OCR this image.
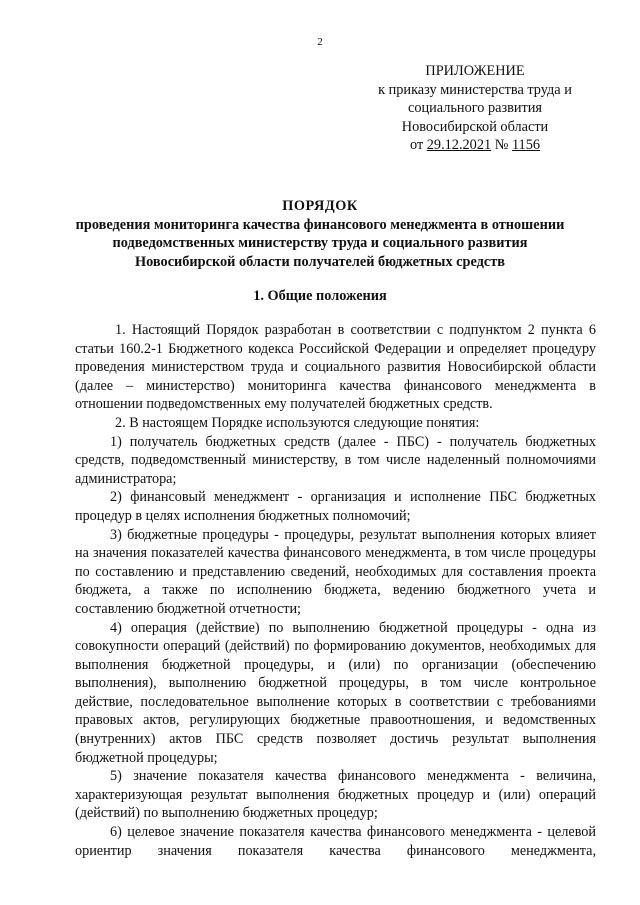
2
ПРИЛОЖЕНИЕ
к приказу министерства труда и
социального развития
Новосибирской области
от 29.12.2021 № 1156
ПОРЯДОК
проведения мониторинга качества финансового менеджмента в отношении
подведомственных министерству труда и социального развития
Новосибирской области получателей бюджетных средств
1. Общие положения

1. Настоящий Порядок разработан в соответствии с подпунктом 2 пункта 6 статьи 160.2-1 Бюджетного кодекса Российской Федерации и определяет процедуру проведения министерством труда и социального развития Новосибирской области (далее – министерство) мониторинга качества финансового менеджмента в отношении подведомственных ему получателей бюджетных средств.

2. В настоящем Порядке используются следующие понятия:

1) получатель бюджетных средств (далее - ПБС) - получатель бюджетных средств, подведомственный министерству, в том числе наделенный полномочиями администратора;

2) финансовый менеджмент - организация и исполнение ПБС бюджетных процедур в целях исполнения бюджетных полномочий;

3) бюджетные процедуры - процедуры, результат выполнения которых влияет на значения показателей качества финансового менеджмента, в том числе процедуры по составлению и представлению сведений, необходимых для составления проекта бюджета, а также по исполнению бюджета, ведению бюджетного учета и составлению бюджетной отчетности;

4) операция (действие) по выполнению бюджетной процедуры - одна из совокупности операций (действий) по формированию документов, необходимых для выполнения бюджетной процедуры, и (или) по организации (обеспечению выполнения), выполнению бюджетной процедуры, в том числе контрольное действие, последовательное выполнение которых в соответствии с требованиями правовых актов, регулирующих бюджетные правоотношения, и ведомственных (внутренних) актов ПБС средств позволяет достичь результат выполнения бюджетной процедуры;

5) значение показателя качества финансового менеджмента - величина, характеризующая результат выполнения бюджетных процедур и (или) операций (действий) по выполнению бюджетных процедур;

6) целевое значение показателя качества финансового менеджмента - целевой ориентир значения показателя качества финансового менеджмента,
